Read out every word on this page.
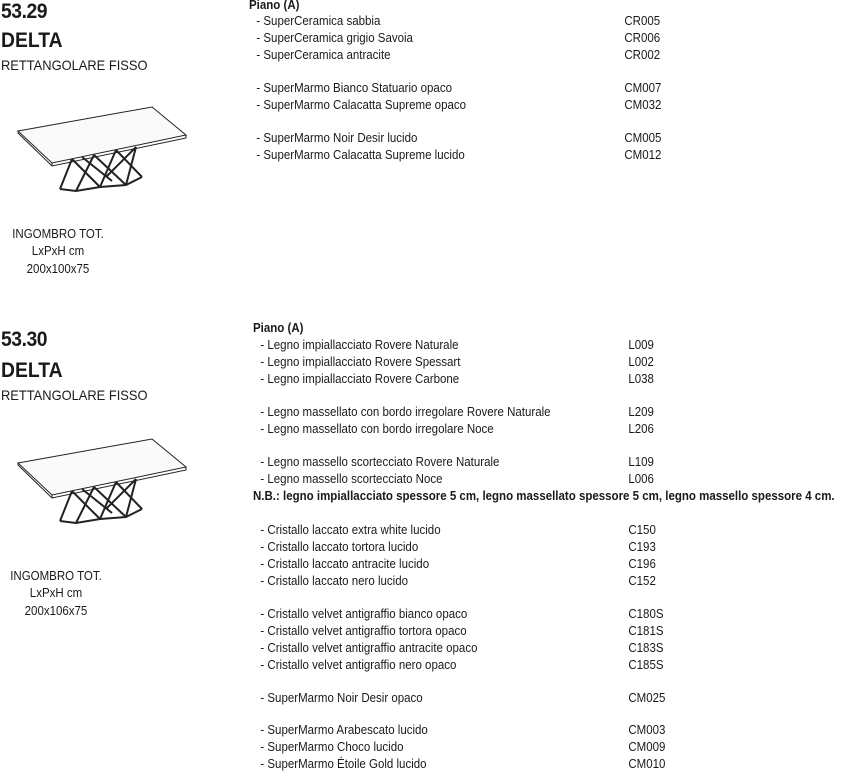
53.29
DELTA
RETTANGOLARE FISSO
INGOMBRO TOT.
LxPxH cm
200x100x75
Piano (A)
- SuperCeramica sabbia	CR005
- SuperCeramica grigio Savoia	CR006
- SuperCeramica antracite	CR002
- SuperMarmo Bianco Statuario opaco	CM007
- SuperMarmo Calacatta Supreme opaco	CM032
- SuperMarmo Noir Desir lucido	CM005
- SuperMarmo Calacatta Supreme lucido	CM012
53.30
DELTA
RETTANGOLARE FISSO
INGOMBRO TOT.
LxPxH cm
200x106x75
Piano (A)
- Legno impiallacciato Rovere Naturale	L009
- Legno impiallacciato Rovere Spessart	L002
- Legno impiallacciato Rovere Carbone	L038
- Legno massellato con bordo irregolare Rovere Naturale	L209
- Legno massellato con bordo irregolare Noce	L206
- Legno massello scortecciato Rovere Naturale	L109
- Legno massello scortecciato Noce	L006
N.B.: legno impiallacciato spessore 5 cm, legno massellato spessore 5 cm, legno massello spessore 4 cm.
- Cristallo laccato extra white lucido	C150
- Cristallo laccato tortora lucido	C193
- Cristallo laccato antracite lucido	C196
- Cristallo laccato nero lucido	C152
- Cristallo velvet antigraffio bianco opaco	C180S
- Cristallo velvet antigraffio tortora opaco	C181S
- Cristallo velvet antigraffio antracite opaco	C183S
- Cristallo velvet antigraffio nero opaco	C185S
- SuperMarmo Noir Desir opaco	CM025
- SuperMarmo Arabescato lucido	CM003
- SuperMarmo Choco lucido	CM009
- SuperMarmo Étoile Gold lucido	CM010
